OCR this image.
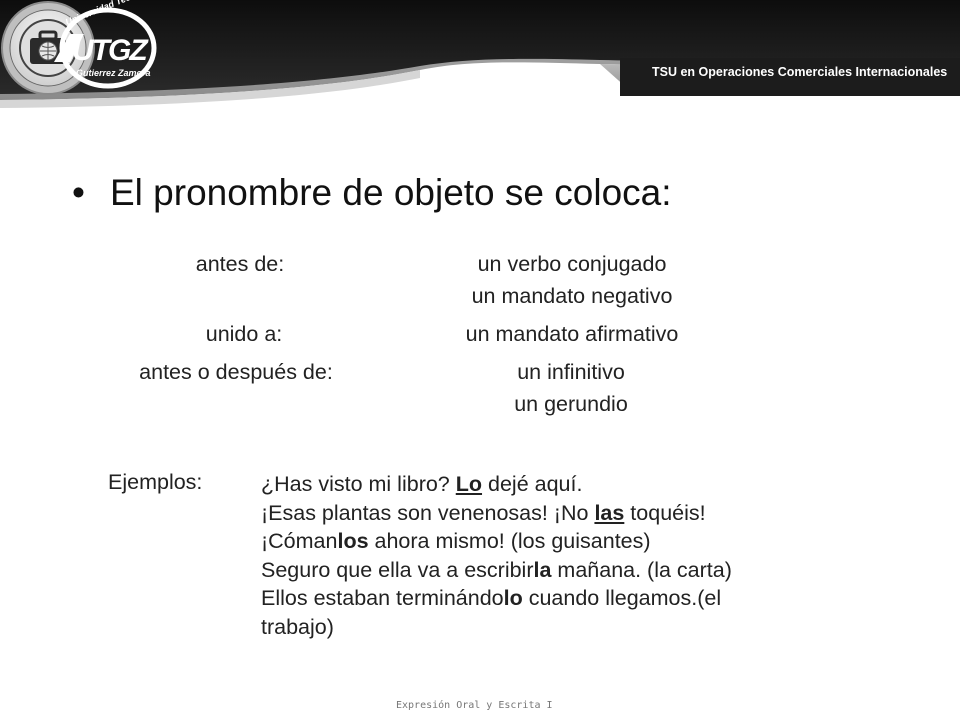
UTGZ
Gutierrez Zamora	TSU en Operaciones Comerciales Internacionales
• El pronombre de objeto se coloca:
antes de:	un verbo conjugado
un mandato negativo
unido a:	un mandato afirmativo
antes o después de:	un infinitivo
un gerundio
Ejemplos:	¿Has visto mi libro? Lo dejé aquí.
¡Esas plantas son venenosas! ¡No las toquéis!
¡Cómanlos ahora mismo! (los guisantes)
Seguro que ella va a escribirla mañana. (la carta)
Ellos estaban terminándolo cuando llegamos.(el
trabajo)
Expresión Oral y Escrita I
